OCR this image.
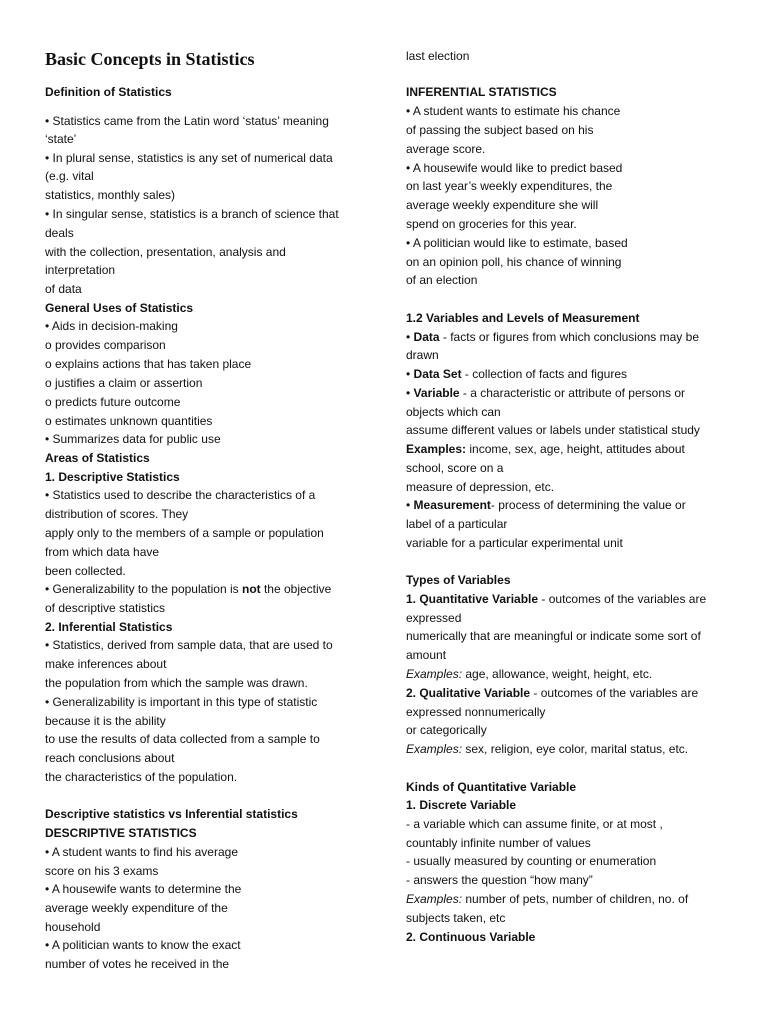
Basic Concepts in Statistics
Definition of Statistics
• Statistics came from the Latin word ‘status’ meaning
‘state’
• In plural sense, statistics is any set of numerical data
(e.g. vital
statistics, monthly sales)
• In singular sense, statistics is a branch of science that
deals
with the collection, presentation, analysis and
interpretation
of data
General Uses of Statistics
• Aids in decision-making
o provides comparison
o explains actions that has taken place
o justifies a claim or assertion
o predicts future outcome
o estimates unknown quantities
• Summarizes data for public use
Areas of Statistics
1. Descriptive Statistics
• Statistics used to describe the characteristics of a
distribution of scores. They
apply only to the members of a sample or population
from which data have
been collected.
• Generalizability to the population is not the objective
of descriptive statistics
2. Inferential Statistics
• Statistics, derived from sample data, that are used to
make inferences about
the population from which the sample was drawn.
• Generalizability is important in this type of statistic
because it is the ability
to use the results of data collected from a sample to
reach conclusions about
the characteristics of the population.
Descriptive statistics vs Inferential statistics
DESCRIPTIVE STATISTICS
• A student wants to find his average
score on his 3 exams
• A housewife wants to determine the
average weekly expenditure of the
household
• A politician wants to know the exact
number of votes he received in the
last election
INFERENTIAL STATISTICS
• A student wants to estimate his chance
of passing the subject based on his
average score.
• A housewife would like to predict based
on last year’s weekly expenditures, the
average weekly expenditure she will
spend on groceries for this year.
• A politician would like to estimate, based
on an opinion poll, his chance of winning
of an election
1.2 Variables and Levels of Measurement
• Data - facts or figures from which conclusions may be
drawn
• Data Set - collection of facts and figures
• Variable - a characteristic or attribute of persons or
objects which can
assume different values or labels under statistical study
Examples: income, sex, age, height, attitudes about
school, score on a
measure of depression, etc.
• Measurement- process of determining the value or
label of a particular
variable for a particular experimental unit
Types of Variables
1. Quantitative Variable - outcomes of the variables are
expressed
numerically that are meaningful or indicate some sort of
amount
Examples: age, allowance, weight, height, etc.
2. Qualitative Variable - outcomes of the variables are
expressed nonnumerically
or categorically
Examples: sex, religion, eye color, marital status, etc.
Kinds of Quantitative Variable
1. Discrete Variable
- a variable which can assume finite, or at most ,
countably infinite number of values
- usually measured by counting or enumeration
- answers the question “how many”
Examples: number of pets, number of children, no. of
subjects taken, etc
2. Continuous Variable
